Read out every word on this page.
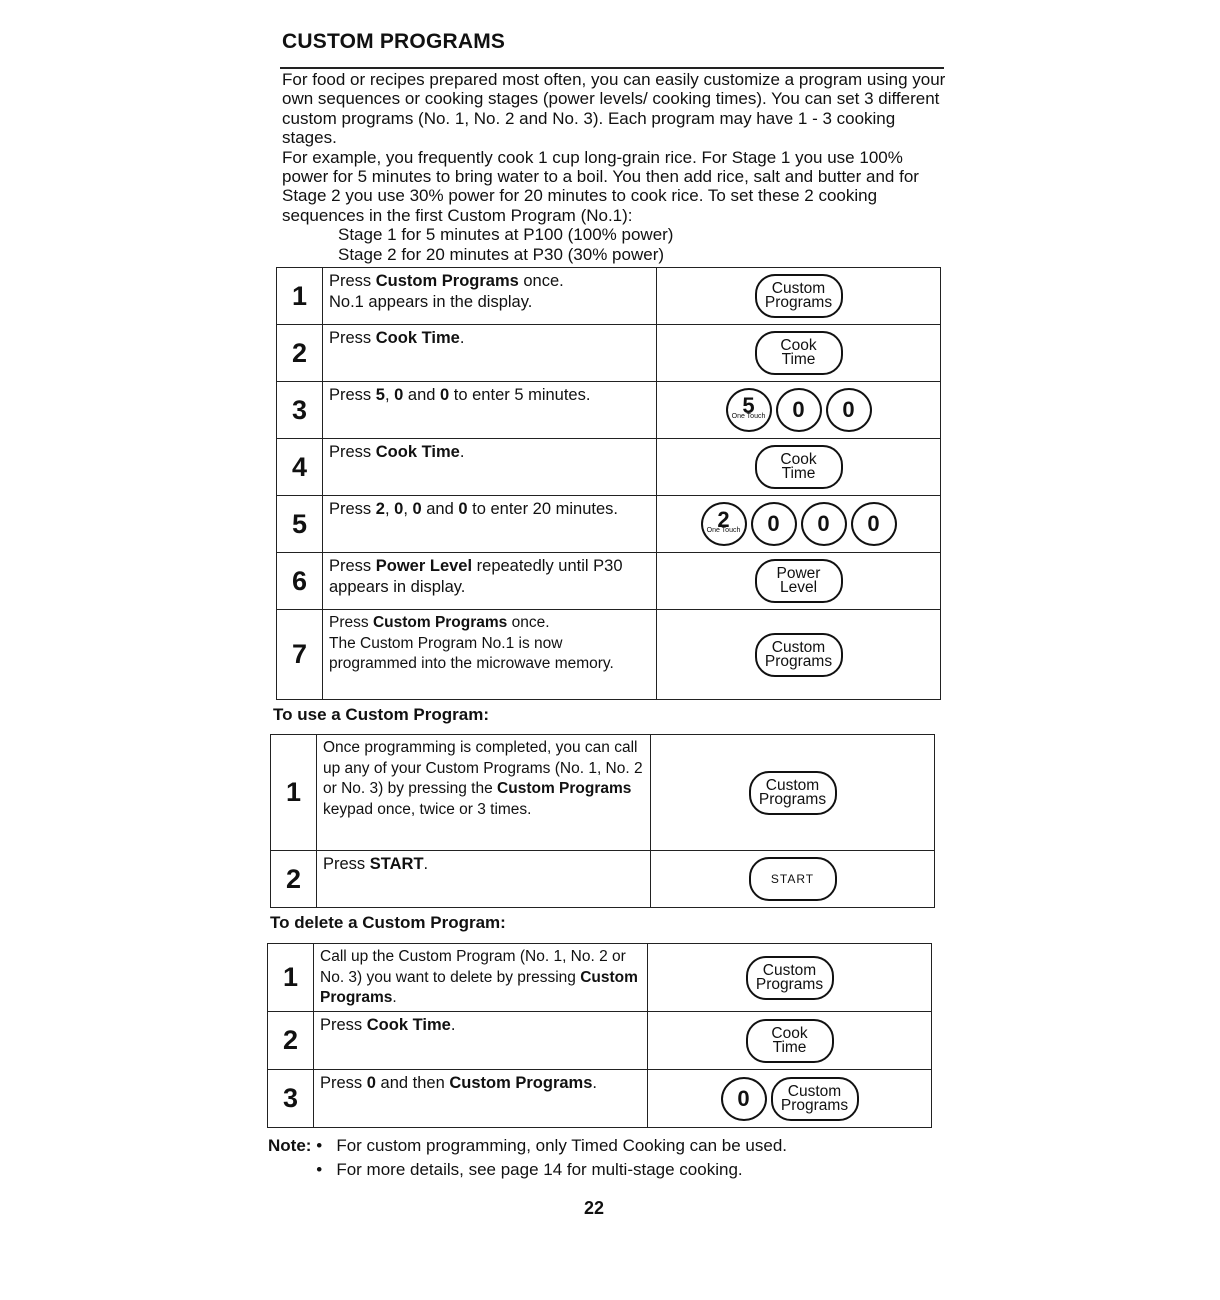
CUSTOM PROGRAMS

For food or recipes prepared most often, you can easily customize a program using your own sequences or cooking stages (power levels/ cooking times). You can set 3 different custom programs (No. 1, No. 2 and No. 3). Each program may have 1 - 3 cooking stages.

For example, you frequently cook 1 cup long-grain rice. For Stage 1 you use 100% power for 5 minutes to bring water to a boil. You then add rice, salt and butter and for Stage 2 you use 30% power for 20 minutes to cook rice. To set these 2 cooking sequences in the first Custom Program (No.1):

Stage 1 for 5 minutes at P100 (100% power)

Stage 2 for 20 minutes at P30 (30% power)

1	Press Custom Programs once.
No.1 appears in the display.	Custom
Programs

2	Press Cook Time.	Cook
Time

3	Press 5, 0 and 0 to enter 5 minutes.	5
One Touch 0 0

4	Press Cook Time.	Cook
Time

5	Press 2, 0, 0 and 0 to enter 20 minutes.	2
One Touch 0 0 0

6	Press Power Level repeatedly until P30 appears in display.	Power
Level

7	Press Custom Programs once.
The Custom Program No.1 is now programmed into the microwave memory.	Custom
Programs
To use a Custom Program:
1	Once programming is completed, you can call up any of your Custom Programs (No. 1, No. 2 or No. 3) by pressing the Custom Programs keypad once, twice or 3 times.	Custom
Programs

2	Press START.	START
To delete a Custom Program:
1	Call up the Custom Program (No. 1, No. 2 or No. 3) you want to delete by pressing Custom Programs.	Custom
Programs

2	Press Cook Time.	Cook
Time

3	Press 0 and then Custom Programs.	0 Custom
Programs
Note: •   For custom programming, only Timed Cooking can be used.
•   For more details, see page 14 for multi-stage cooking.
22
